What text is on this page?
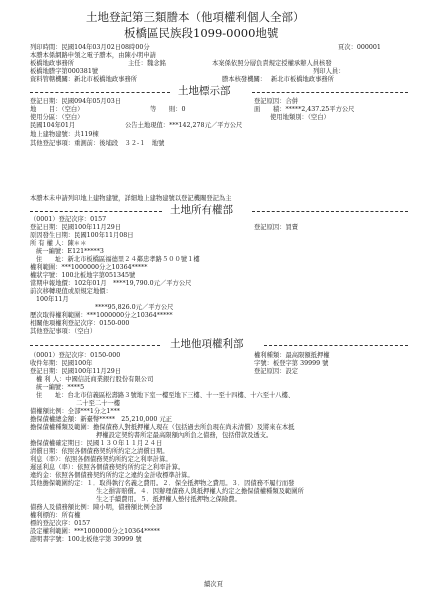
土地登記第三類謄本（他項權利個人全部）
板橋區民族段1099-0000地號
列印時間：民國104年03月02日08時00分	頁次：000001
本謄本係網路申領之電子謄本，由陳小明申請
板橋地政事務所	主任：魏念銘	本案係依照分層負責規定授權承辦人員核發
板橋地謄字第000381號	列印人員：
資料管轄機關：新北市板橋地政事務所	謄本核發機關： 新北市板橋地政事務所
土地標示部
登記日期：民國094年05月03日	登記原因：合併
地　　目：（空白）	等　　則：0	面　　積：*****2,437.25平方公尺
使用分區：（空白）	使用地類別：（空白）
民國104年01月	公告土地現值：***142,278元／平方公尺
地上建物建號：共119棟
其他登記事項：重測前：後埔段　３２-１　地號
本謄本未申請列印地上建物建號，詳細地上建物建號以登記機關登記為主
土地所有權部
（0001）登記次序：0157
登記日期：民國100年11月29日	登記原因：買賣
原因發生日期：民國100年11月08日
所 有 權 人：陳＊＊
統一編號：E121*****3
住　　址：新北市板橋區福德里２４鄰忠孝路５００號１樓
權利範圍：***1000000分之10364*****
權狀字號：100北板地字第051345號
當期申報地價：102年01月　****19,790.0元／平方公尺
前次移轉現值或原規定地價：
100年11月
****95,826.0元／平方公尺
歷次取得權利範圍：***1000000分之10364*****
相關他項權利登記次序：0150-000
其他登記事項：（空白）
土地他項權利部
（0001）登記次序：0150-000	權利種類：最高限額抵押權
收件年期：民國100年	字號：板登字第 39999 號
登記日期：民國100年11月29日	登記原因：設定
權 利 人：中國信託商業銀行股份有限公司
統一編號：****5
住　　址：台北市信義區松壽路３號地下室一樓至地下三樓、十一至十四樓、十六至十八樓、
二十至二十一樓
債權額比例：全部***1分之1***
擔保債權總金額：新臺幣*****　25,210,000 元正
擔保債權種類及範圍：擔保債務人對抵押權人現在（包括過去所負現在尚未清償）及將來在本抵
押權設定契約書所定最高限額內所負之債務，包括借款及透支。
擔保債權確定期日：民國１３０年１１月２４日
清償日期：依照各個債務契約所約定之清償日期。
利息（率）：依照各個債務契約所約定之利率計算。
遲延利息（率）：依照各個債務契約所約定之利率計算。
違約金：依照各個債務契約所約定之違約金計收標準計算。
其他擔保範圍約定：１．取得執行名義之費用。２．保全抵押物之費用。３．因債務不履行而發
生之損害賠償。４．因辦理債務人與抵押權人約定之擔保債權種類及範圍所
生之手續費用。５．抵押權人墊付抵押物之保險費。
債務人及債務額比例：陳小明，債務額比例全部
權利標的：所有權
標的登記次序：0157
設定權利範圍：***1000000分之10364*****
證明書字號：100北板他字第 39999 號
續次頁
